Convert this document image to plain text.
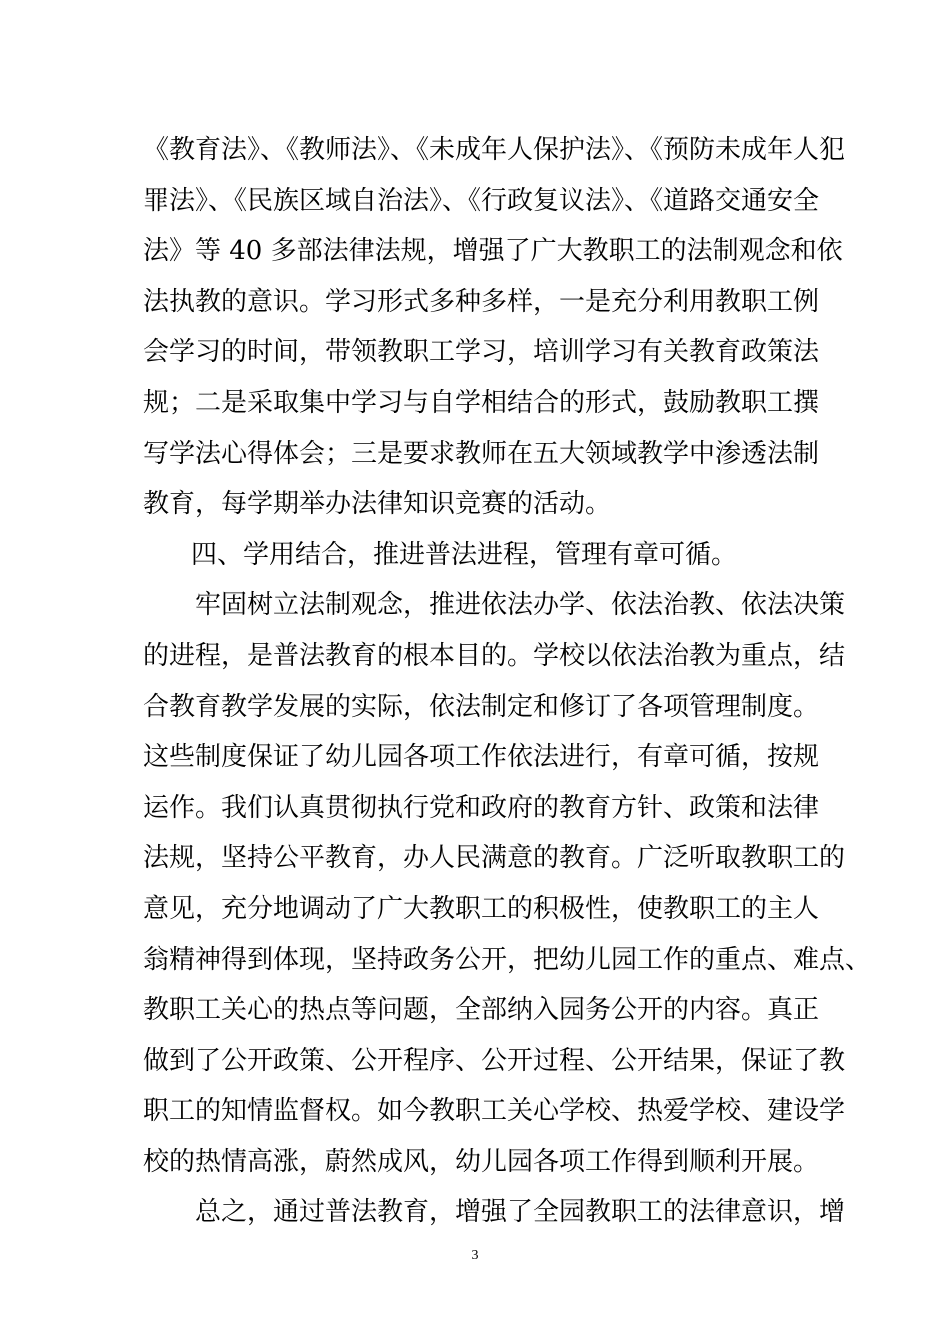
《教育法》、《教师法》、《未成年人保护法》、《预防未成年人犯
罪法》、《民族区域自治法》、《行政复议法》、《道路交通安全
法》等 40 多部法律法规，增强了广大教职工的法制观念和依
法执教的意识。学习形式多种多样，一是充分利用教职工例
会学习的时间，带领教职工学习，培训学习有关教育政策法
规；二是采取集中学习与自学相结合的形式，鼓励教职工撰
写学法心得体会；三是要求教师在五大领域教学中渗透法制
教育，每学期举办法律知识竞赛的活动。
四、学用结合，推进普法进程，管理有章可循。
牢固树立法制观念，推进依法办学、依法治教、依法决策
的进程，是普法教育的根本目的。学校以依法治教为重点，结
合教育教学发展的实际，依法制定和修订了各项管理制度。
这些制度保证了幼儿园各项工作依法进行，有章可循，按规
运作。我们认真贯彻执行党和政府的教育方针、政策和法律
法规，坚持公平教育，办人民满意的教育。广泛听取教职工的
意见，充分地调动了广大教职工的积极性，使教职工的主人
翁精神得到体现，坚持政务公开，把幼儿园工作的重点、难点、
教职工关心的热点等问题，全部纳入园务公开的内容。真正
做到了公开政策、公开程序、公开过程、公开结果，保证了教
职工的知情监督权。如今教职工关心学校、热爱学校、建设学
校的热情高涨，蔚然成风，幼儿园各项工作得到顺利开展。
总之，通过普法教育，增强了全园教职工的法律意识，增
3
